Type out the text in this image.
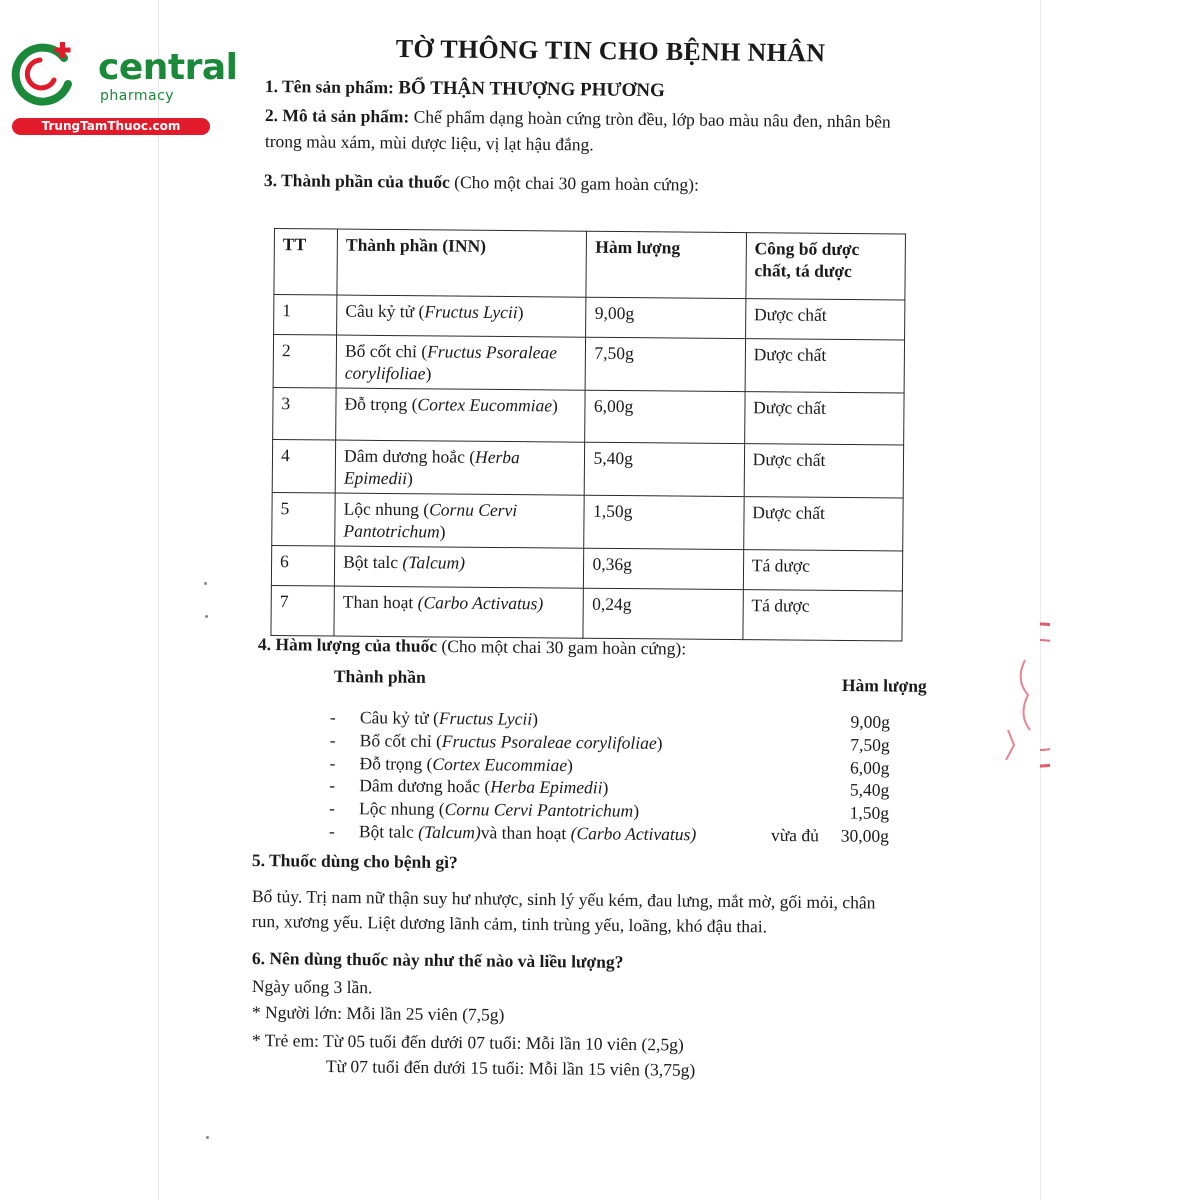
central
pharmacy
TrungTamThuoc.com
TỜ THÔNG TIN CHO BỆNH NHÂN
1. Tên sản phẩm: BỔ THẬN THƯỢNG PHƯƠNG
2. Mô tả sản phẩm: Chế phẩm dạng hoàn cứng tròn đều, lớp bao màu nâu đen, nhân bên
trong màu xám, mùi dược liệu, vị lạt hậu đắng.
3. Thành phần của thuốc (Cho một chai 30 gam hoàn cứng):
TT	Thành phần (INN)	Hàm lượng	Công bố dược chất, tá dược
1	Câu kỷ tử (Fructus Lycii)	9,00g	Dược chất
2	Bổ cốt chỉ (Fructus Psoraleae corylifoliae)	7,50g	Dược chất
3	Đỗ trọng (Cortex Eucommiae)	6,00g	Dược chất
4	Dâm dương hoắc (Herba Epimedii)	5,40g	Dược chất
5	Lộc nhung (Cornu Cervi Pantotrichum)	1,50g	Dược chất
6	Bột talc (Talcum)	0,36g	Tá dược
7	Than hoạt (Carbo Activatus)	0,24g	Tá dược
4. Hàm lượng của thuốc (Cho một chai 30 gam hoàn cứng):
Thành phần	Hàm lượng
- Câu kỷ tử (Fructus Lycii)	9,00g
- Bổ cốt chỉ (Fructus Psoraleae corylifoliae)	7,50g
- Đỗ trọng (Cortex Eucommiae)	6,00g
- Dâm dương hoắc (Herba Epimedii)	5,40g
- Lộc nhung (Cornu Cervi Pantotrichum)	1,50g
- Bột talc (Talcum)và than hoạt (Carbo Activatus)	vừa đủ 30,00g
5. Thuốc dùng cho bệnh gì?
Bổ tủy. Trị nam nữ thận suy hư nhược, sinh lý yếu kém, đau lưng, mắt mờ, gối mỏi, chân
run, xương yếu. Liệt dương lãnh cảm, tinh trùng yếu, loãng, khó đậu thai.
6. Nên dùng thuốc này như thế nào và liều lượng?
Ngày uống 3 lần.
* Người lớn: Mỗi lần 25 viên (7,5g)
* Trẻ em: Từ 05 tuổi đến dưới 07 tuổi: Mỗi lần 10 viên (2,5g)
Từ 07 tuổi đến dưới 15 tuổi: Mỗi lần 15 viên (3,75g)
